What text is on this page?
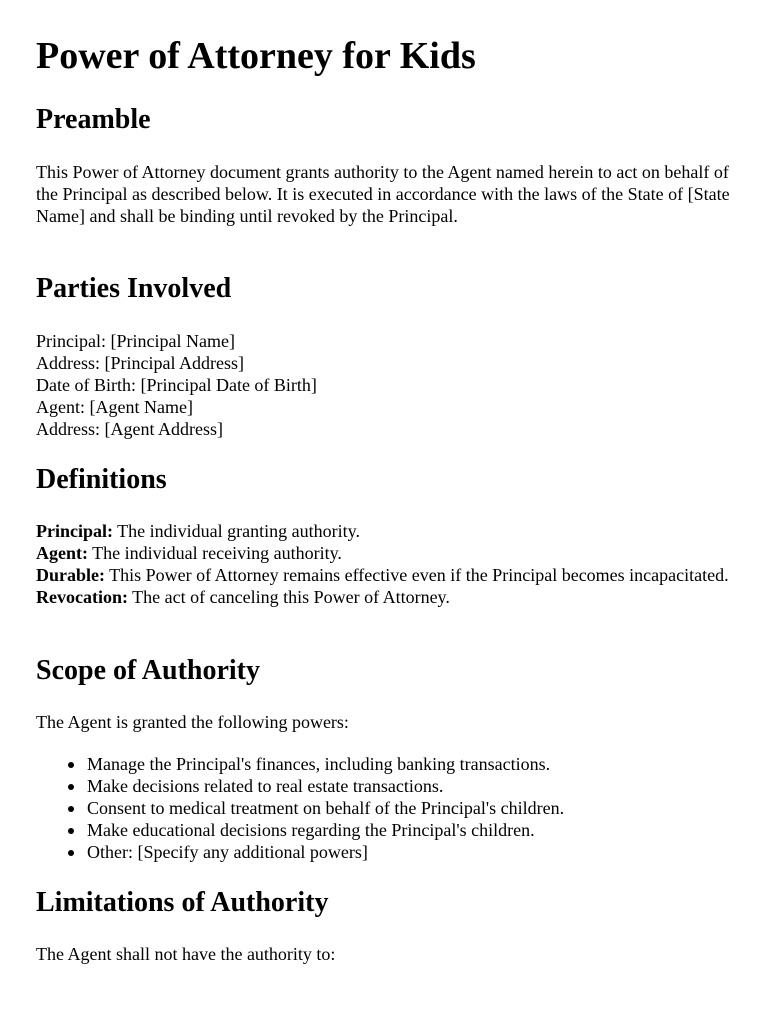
Power of Attorney for Kids
Preamble

This Power of Attorney document grants authority to the Agent named herein to act on behalf of the Principal as described below. It is executed in accordance with the laws of the State of [State Name] and shall be binding until revoked by the Principal.

Parties Involved
Principal: [Principal Name]
Address: [Principal Address]
Date of Birth: [Principal Date of Birth]
Agent: [Agent Name]
Address: [Agent Address]
Definitions
Principal: The individual granting authority.
Agent: The individual receiving authority.
Durable: This Power of Attorney remains effective even if the Principal becomes incapacitated.
Revocation: The act of canceling this Power of Attorney.
Scope of Authority

The Agent is granted the following powers:

Manage the Principal's finances, including banking transactions.
Make decisions related to real estate transactions.
Consent to medical treatment on behalf of the Principal's children.
Make educational decisions regarding the Principal's children.
Other: [Specify any additional powers]
Limitations of Authority

The Agent shall not have the authority to:
